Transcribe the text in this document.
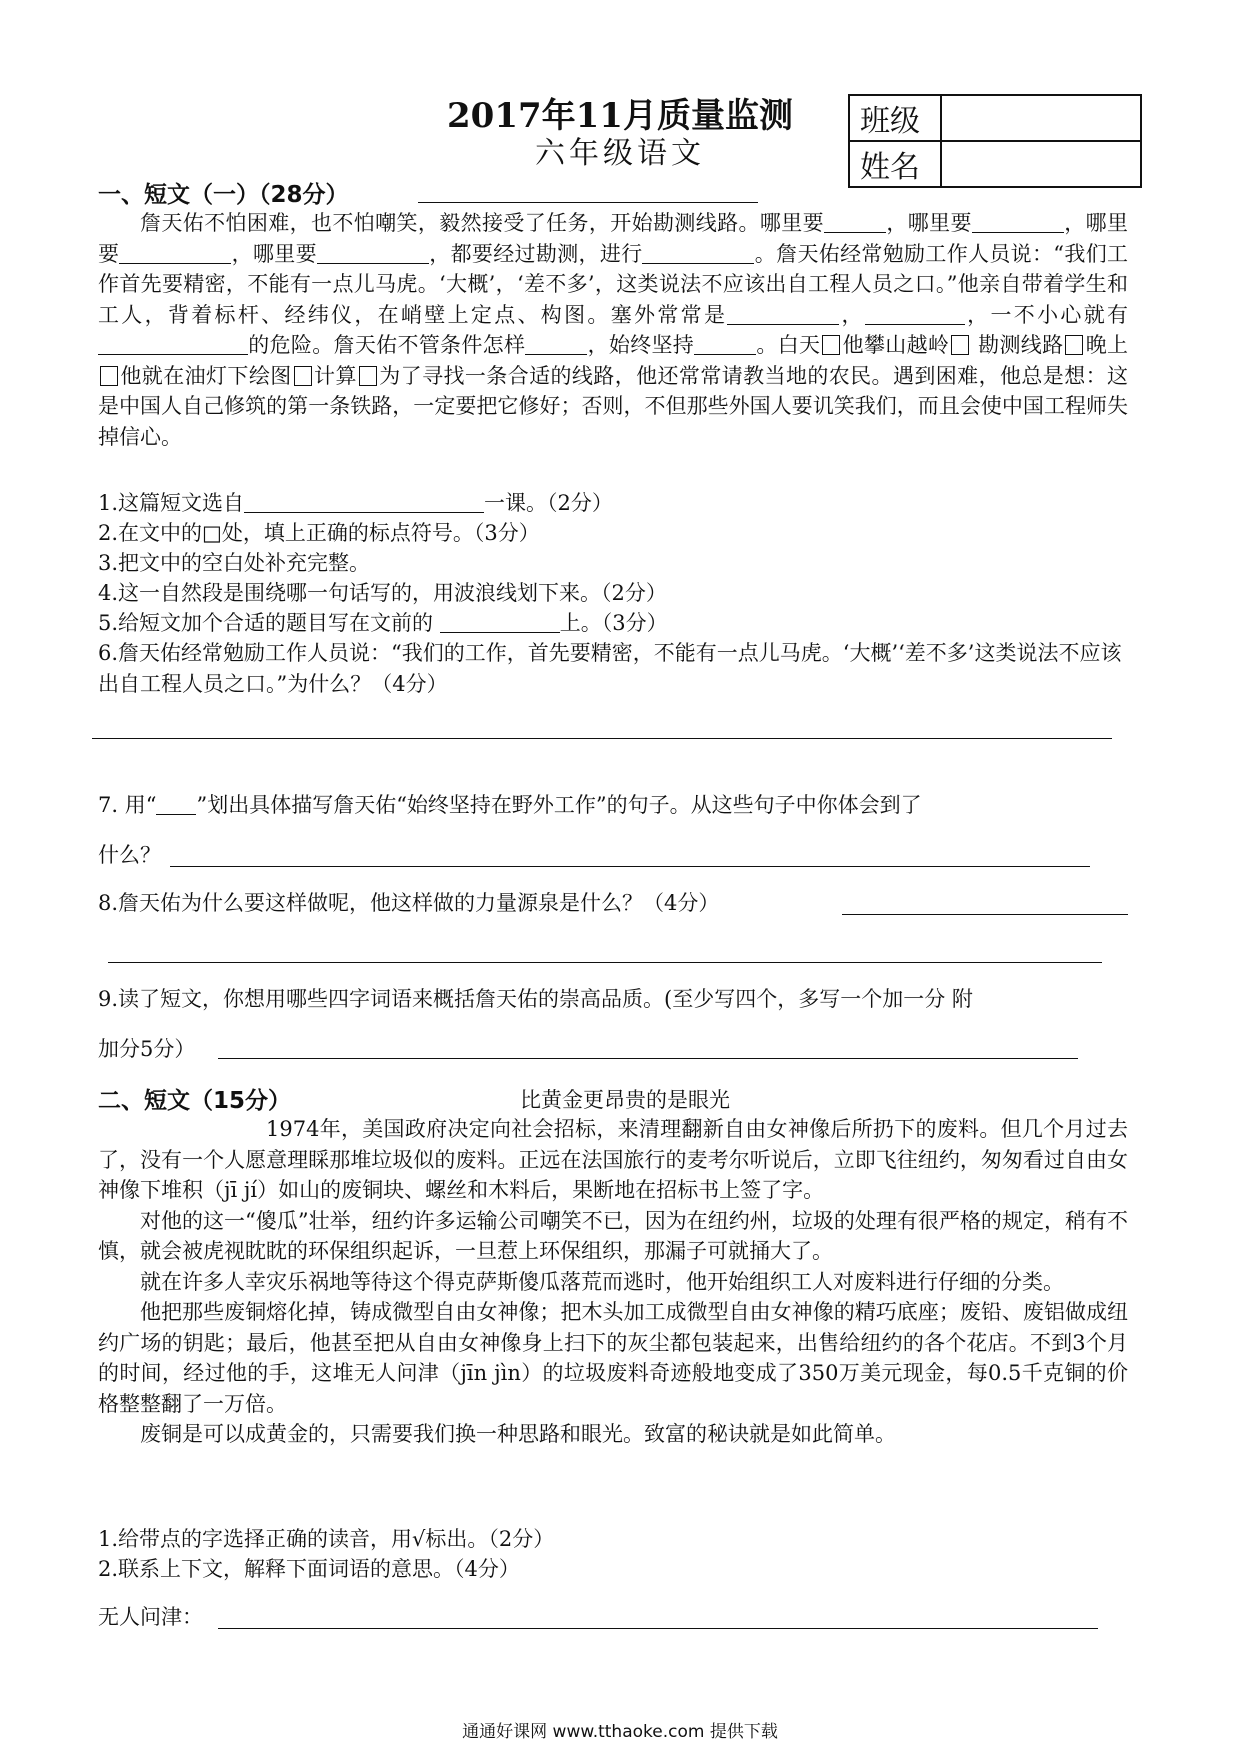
2017年11月质量监测
六年级语文
班级	
姓名	
一、短文（一）（28分）

詹天佑不怕困难，也不怕嘲笑，毅然接受了任务，开始勘测线路。哪里要	，哪里要	，哪里要	，哪里要	，都要经过勘测，进行	。詹天佑经常勉励工作人员说：“我们工作首先要精密，不能有一点儿马虎。‘大概’，‘差不多’，这类说法不应该出自工程人员之口。”他亲自带着学生和工人，背着标杆、经纬仪，在峭壁上定点、构图。塞外常常是	，	，一不小心就有的危险。詹天佑不管条件怎样	，始终坚持	。白天 他攀山越岭 勘测线路 晚上他就在油灯下绘图 计算 为了寻找一条合适的线路，他还常常请教当地的农民。遇到困难，他总是想：这是中国人自己修筑的第一条铁路，一定要把它修好；否则，不但那些外国人要讥笑我们，而且会使中国工程师失掉信心。

1.这篇短文选自	一课。（2分）
2.在文中的□处，填上正确的标点符号。（3分）
3.把文中的空白处补充完整。
4.这一自然段是围绕哪一句话写的，用波浪线划下来。（2分）
5.给短文加个合适的题目写在文前的	上。（3分）
6.詹天佑经常勉励工作人员说：“我们的工作，首先要精密，不能有一点儿马虎。‘大概’‘差不多’这类说法不应该出自工程人员之口。”为什么？（4分）
7. 用“ ”划出具体描写詹天佑“始终坚持在野外工作”的句子。从这些句子中你体会到了
什么？
8.詹天佑为什么要这样做呢，他这样做的力量源泉是什么？（4分）
9.读了短文，你想用哪些四字词语来概括詹天佑的崇高品质。(至少写四个，多写一个加一分 附
加分5分）
二、短文（15分）	比黄金更昂贵的是眼光

1974年，美国政府决定向社会招标，来清理翻新自由女神像后所扔下的废料。但几个月过去了，没有一个人愿意理睬那堆垃圾似的废料。正远在法国旅行的麦考尔听说后，立即飞往纽约，匆匆看过自由女神像下堆积（jī jí）如山的废铜块、螺丝和木料后，果断地在招标书上签了字。

对他的这一“傻瓜”壮举，纽约许多运输公司嘲笑不已，因为在纽约州，垃圾的处理有很严格的规定，稍有不慎，就会被虎视眈眈的环保组织起诉，一旦惹上环保组织，那漏子可就捅大了。

就在许多人幸灾乐祸地等待这个得克萨斯傻瓜落荒而逃时，他开始组织工人对废料进行仔细的分类。

他把那些废铜熔化掉，铸成微型自由女神像；把木头加工成微型自由女神像的精巧底座；废铅、废铝做成纽约广场的钥匙；最后，他甚至把从自由女神像身上扫下的灰尘都包装起来，出售给纽约的各个花店。不到3个月的时间，经过他的手，这堆无人问津（jīn jìn）的垃圾废料奇迹般地变成了350万美元现金，每0.5千克铜的价格整整翻了一万倍。

废铜是可以成黄金的，只需要我们换一种思路和眼光。致富的秘诀就是如此简单。

1.给带点的字选择正确的读音，用√标出。（2分）
2.联系上下文，解释下面词语的意思。（4分）
无人问津：
通通好课网 www.tthaoke.com 提供下载
